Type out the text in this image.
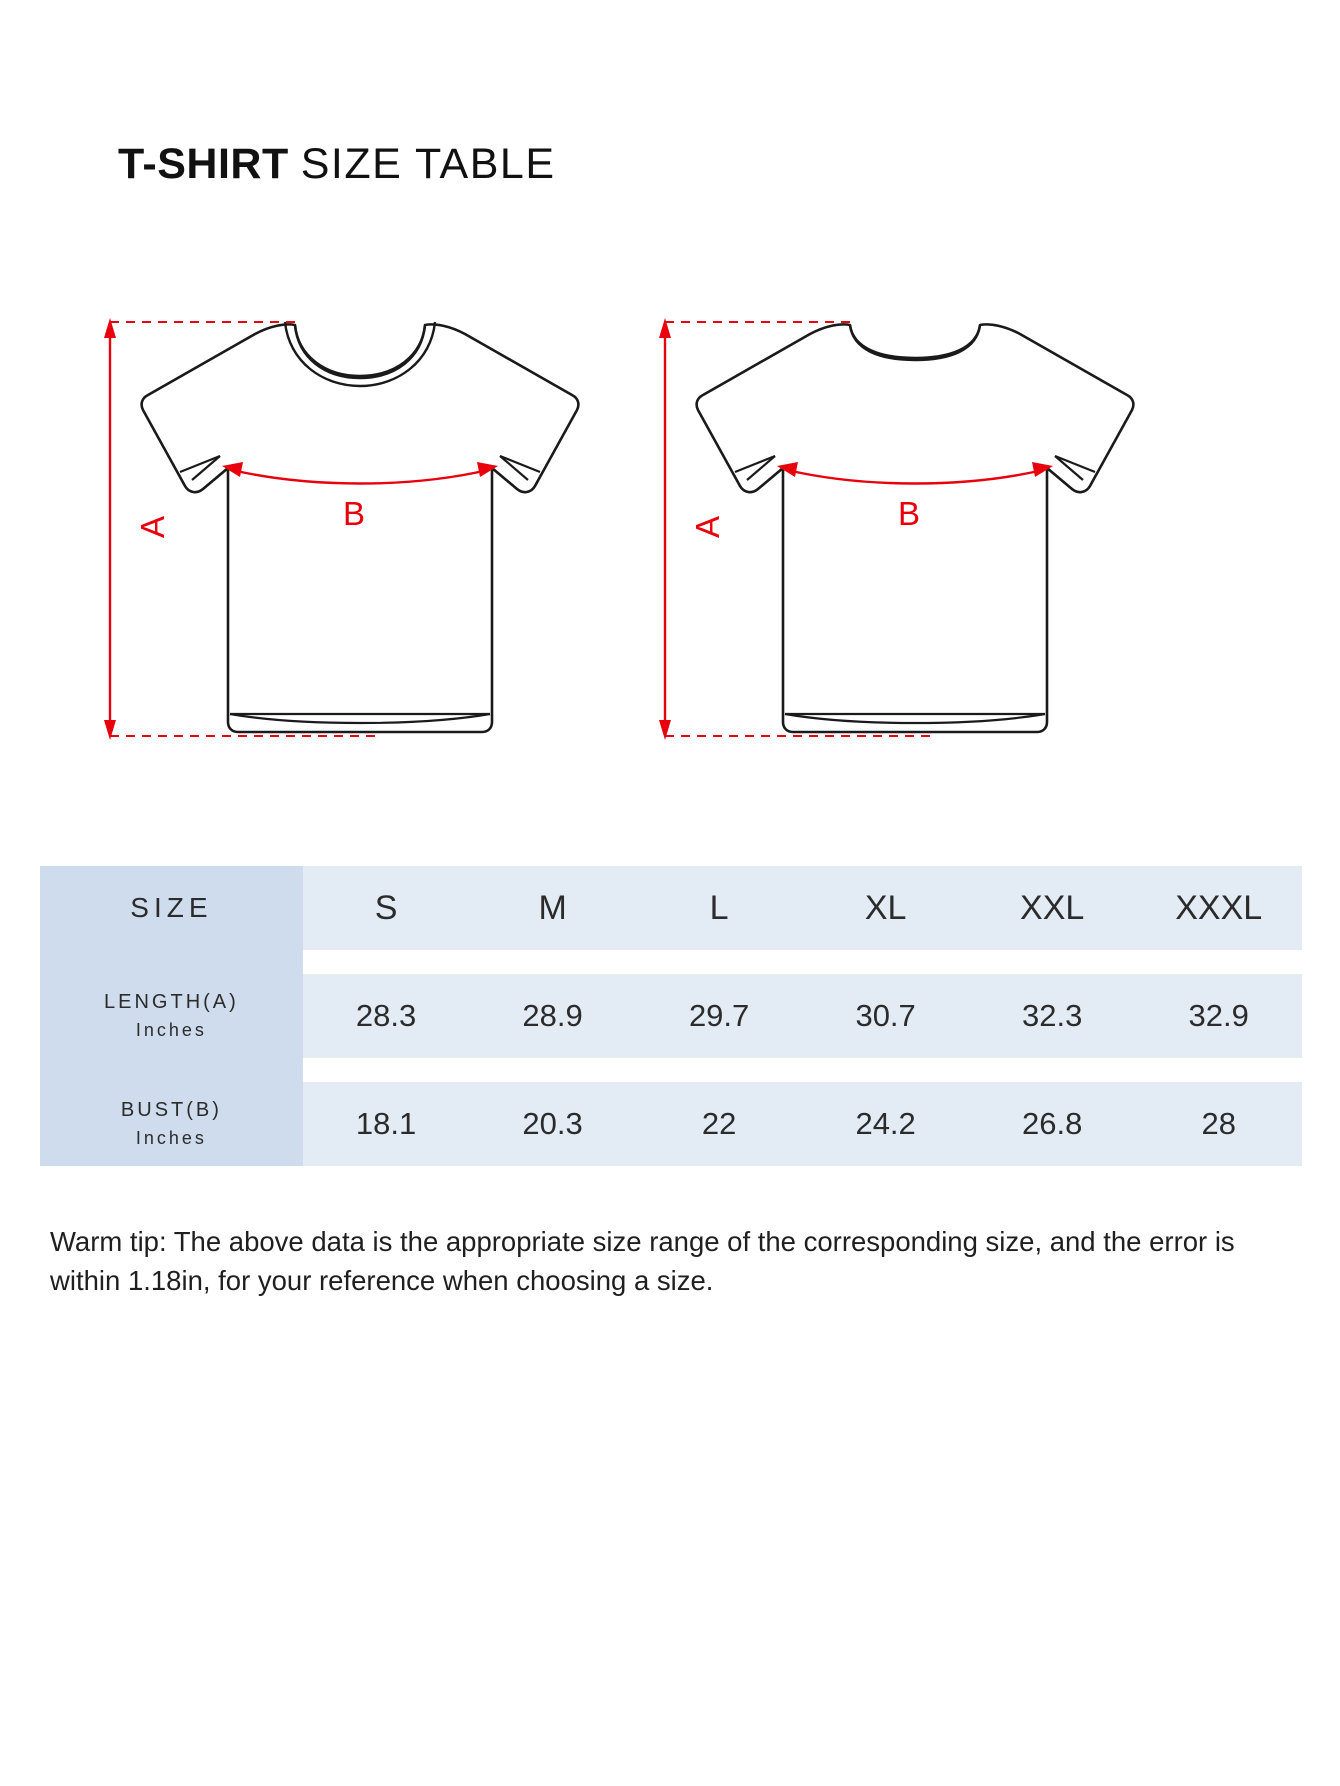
T-SHIRT SIZE TABLE
A	B	A	B
SIZE	S	M	L	XL	XXL	XXXL

LENGTH(A)
Inches	28.3	28.9	29.7	30.7	32.3	32.9

BUST(B)
Inches	18.1	20.3	22	24.2	26.8	28
Warm tip: The above data is the appropriate size range of the corresponding size, and the error is within 1.18in, for your reference when choosing a size.
